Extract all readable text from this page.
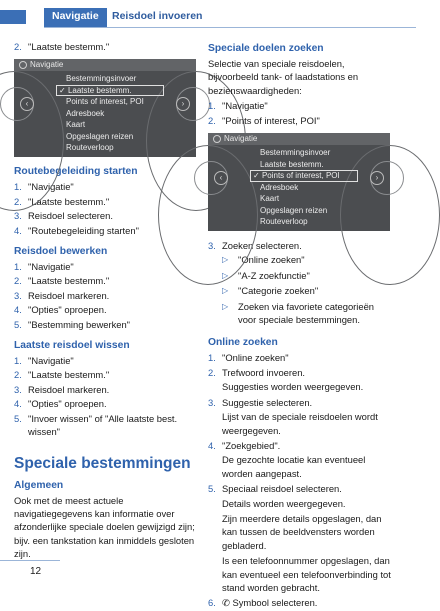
Navigatie	Reisdoel invoeren
2. "Laatste bestemm."
Navigatie
‹	›
Bestemmingsinvoer
✓ Laatste bestemm.
Points of interest, POI
Adresboek
Kaart
Opgeslagen reizen
Routeverloop
Routebegeleiding starten
1. "Navigatie"
2. "Laatste bestemm."
3. Reisdoel selecteren.
4. "Routebegeleiding starten"
Reisdoel bewerken
1. "Navigatie"
2. "Laatste bestemm."
3. Reisdoel markeren.
4. "Opties" oproepen.
5. "Bestemming bewerken"
Laatste reisdoel wissen
1. "Navigatie"
2. "Laatste bestemm."
3. Reisdoel markeren.
4. "Opties" oproepen.
5. "Invoer wissen" of "Alle laatste best. wissen"
Speciale bestemmingen
Algemeen
Ook met de meest actuele navigatiegegevens kan informatie over afzonderlijke speciale doelen gewijzigd zijn; bijv. een tankstation kan inmiddels gesloten zijn.
Speciale doelen zoeken
Selectie van speciale reisdoelen, bijvoorbeeld tank- of laadstations en bezienswaardigheden:
1. "Navigatie"
2. "Points of interest, POI"
Navigatie
‹	›
Bestemmingsinvoer
Laatste bestemm.
✓ Points of interest, POI
Adresboek
Kaart
Opgeslagen reizen
Routeverloop
3. Zoeken selecteren.
▷	"Online zoeken"
▷	"A-Z zoekfunctie"
▷	"Categorie zoeken"
▷	Zoeken via favoriete categorieën voor speciale bestemmingen.
Online zoeken
1. "Online zoeken"
2. Trefwoord invoeren.
Suggesties worden weergegeven.
3. Suggestie selecteren.
Lijst van de speciale reisdoelen wordt weergegeven.
4. "Zoekgebied".
De gezochte locatie kan eventueel worden aangepast.
5. Speciaal reisdoel selecteren.
Details worden weergegeven.
Zijn meerdere details opgeslagen, dan kan tussen de beeldvensters worden gebladerd.
Is een telefoonnummer opgeslagen, dan kan eventueel een telefoonverbinding tot stand worden gebracht.
6. ✆ Symbool selecteren.
12
